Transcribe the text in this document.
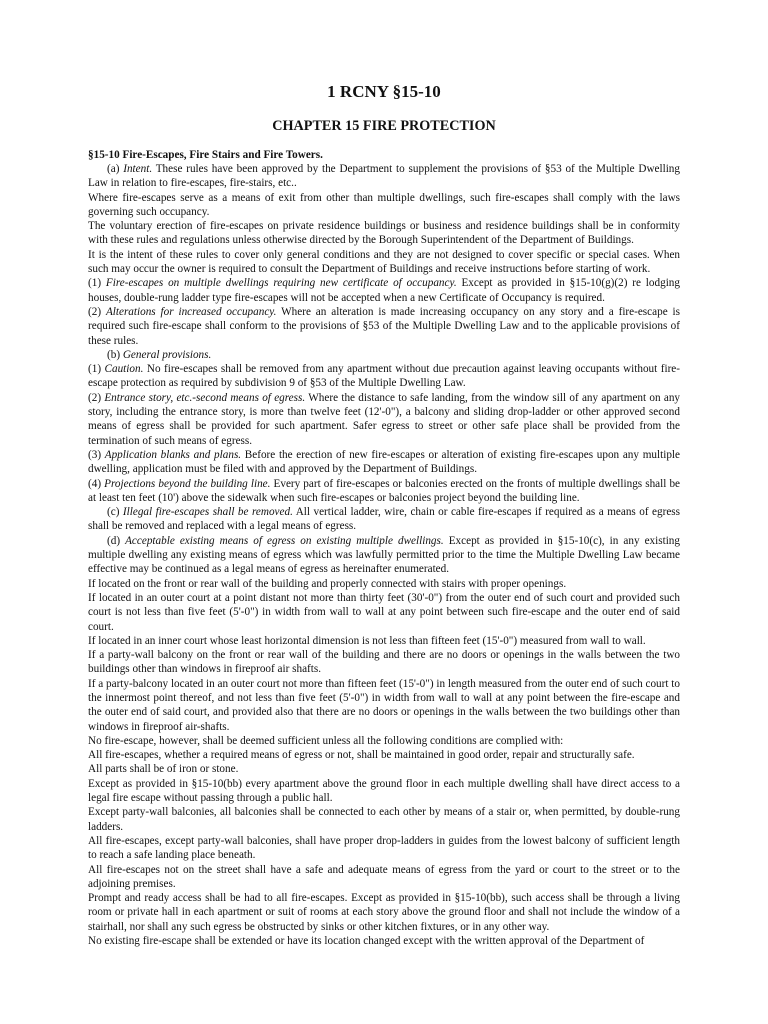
1 RCNY §15-10
CHAPTER 15 FIRE PROTECTION

§15-10 Fire-Escapes, Fire Stairs and Fire Towers.

(a) Intent. These rules have been approved by the Department to supplement the provisions of §53 of the Multiple Dwelling Law in relation to fire-escapes, fire-stairs, etc..

Where fire-escapes serve as a means of exit from other than multiple dwellings, such fire-escapes shall comply with the laws governing such occupancy.

The voluntary erection of fire-escapes on private residence buildings or business and residence buildings shall be in conformity with these rules and regulations unless otherwise directed by the Borough Superintendent of the Department of Buildings.

It is the intent of these rules to cover only general conditions and they are not designed to cover specific or special cases. When such may occur the owner is required to consult the Department of Buildings and receive instructions before starting of work.

(1) Fire-escapes on multiple dwellings requiring new certificate of occupancy. Except as provided in §15-10(g)(2) re lodging houses, double-rung ladder type fire-escapes will not be accepted when a new Certificate of Occupancy is required.

(2) Alterations for increased occupancy. Where an alteration is made increasing occupancy on any story and a fire-escape is required such fire-escape shall conform to the provisions of §53 of the Multiple Dwelling Law and to the applicable provisions of these rules.

(b) General provisions.

(1) Caution. No fire-escapes shall be removed from any apartment without due precaution against leaving occupants without fire-escape protection as required by subdivision 9 of §53 of the Multiple Dwelling Law.

(2) Entrance story, etc.-second means of egress. Where the distance to safe landing, from the window sill of any apartment on any story, including the entrance story, is more than twelve feet (12'-0"), a balcony and sliding drop-ladder or other approved second means of egress shall be provided for such apartment. Safer egress to street or other safe place shall be provided from the termination of such means of egress.

(3) Application blanks and plans. Before the erection of new fire-escapes or alteration of existing fire-escapes upon any multiple dwelling, application must be filed with and approved by the Department of Buildings.

(4) Projections beyond the building line. Every part of fire-escapes or balconies erected on the fronts of multiple dwellings shall be at least ten feet (10') above the sidewalk when such fire-escapes or balconies project beyond the building line.

(c) Illegal fire-escapes shall be removed. All vertical ladder, wire, chain or cable fire-escapes if required as a means of egress shall be removed and replaced with a legal means of egress.

(d) Acceptable existing means of egress on existing multiple dwellings. Except as provided in §15-10(c), in any existing multiple dwelling any existing means of egress which was lawfully permitted prior to the time the Multiple Dwelling Law became effective may be continued as a legal means of egress as hereinafter enumerated.

If located on the front or rear wall of the building and properly connected with stairs with proper openings.

If located in an outer court at a point distant not more than thirty feet (30'-0") from the outer end of such court and provided such court is not less than five feet (5'-0") in width from wall to wall at any point between such fire-escape and the outer end of said court.

If located in an inner court whose least horizontal dimension is not less than fifteen feet (15'-0") measured from wall to wall.

If a party-wall balcony on the front or rear wall of the building and there are no doors or openings in the walls between the two buildings other than windows in fireproof air shafts.

If a party-balcony located in an outer court not more than fifteen feet (15'-0") in length measured from the outer end of such court to the innermost point thereof, and not less than five feet (5'-0") in width from wall to wall at any point between the fire-escape and the outer end of said court, and provided also that there are no doors or openings in the walls between the two buildings other than windows in fireproof air-shafts.

No fire-escape, however, shall be deemed sufficient unless all the following conditions are complied with:

All fire-escapes, whether a required means of egress or not, shall be maintained in good order, repair and structurally safe.

All parts shall be of iron or stone.

Except as provided in §15-10(bb) every apartment above the ground floor in each multiple dwelling shall have direct access to a legal fire escape without passing through a public hall.

Except party-wall balconies, all balconies shall be connected to each other by means of a stair or, when permitted, by double-rung ladders.

All fire-escapes, except party-wall balconies, shall have proper drop-ladders in guides from the lowest balcony of sufficient length to reach a safe landing place beneath.

All fire-escapes not on the street shall have a safe and adequate means of egress from the yard or court to the street or to the adjoining premises.

Prompt and ready access shall be had to all fire-escapes. Except as provided in §15-10(bb), such access shall be through a living room or private hall in each apartment or suit of rooms at each story above the ground floor and shall not include the window of a stairhall, nor shall any such egress be obstructed by sinks or other kitchen fixtures, or in any other way.

No existing fire-escape shall be extended or have its location changed except with the written approval of the Department of
